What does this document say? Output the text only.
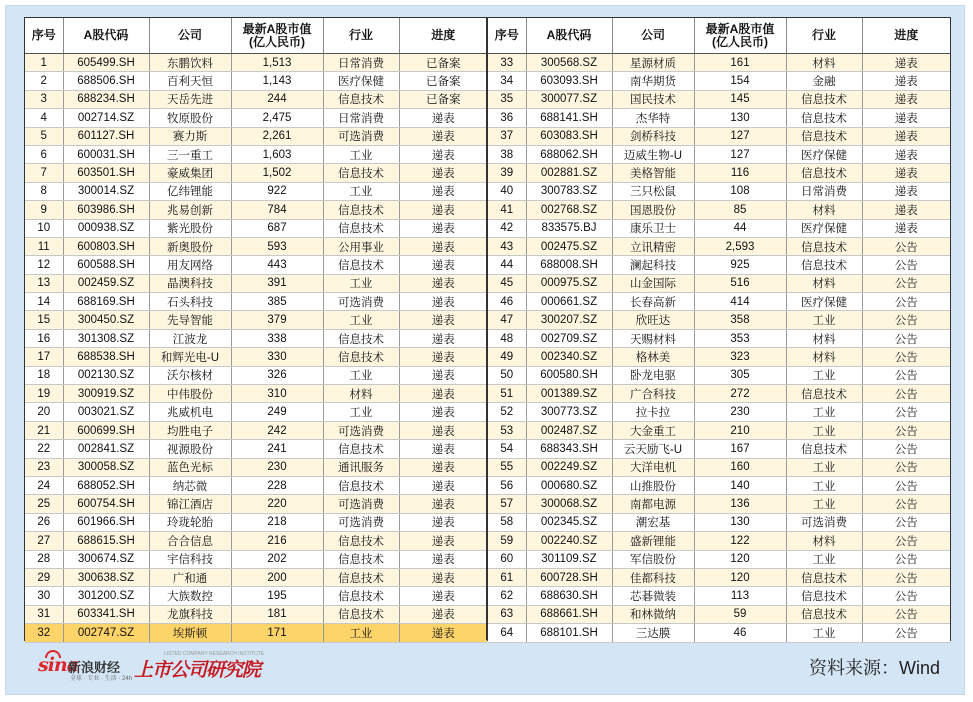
序号	A股代码	公司	最新A股市值
(亿人民币)	行业	进度
1	605499.SH	东鹏饮料	1,513	日常消费	已备案
2	688506.SH	百利天恒	1,143	医疗保健	已备案
3	688234.SH	天岳先进	244	信息技术	已备案
4	002714.SZ	牧原股份	2,475	日常消费	递表
5	601127.SH	赛力斯	2,261	可选消费	递表
6	600031.SH	三一重工	1,603	工业	递表
7	603501.SH	豪威集团	1,502	信息技术	递表
8	300014.SZ	亿纬锂能	922	工业	递表
9	603986.SH	兆易创新	784	信息技术	递表
10	000938.SZ	紫光股份	687	信息技术	递表
11	600803.SH	新奥股份	593	公用事业	递表
12	600588.SH	用友网络	443	信息技术	递表
13	002459.SZ	晶澳科技	391	工业	递表
14	688169.SH	石头科技	385	可选消费	递表
15	300450.SZ	先导智能	379	工业	递表
16	301308.SZ	江波龙	338	信息技术	递表
17	688538.SH	和辉光电-U	330	信息技术	递表
18	002130.SZ	沃尔核材	326	工业	递表
19	300919.SZ	中伟股份	310	材料	递表
20	003021.SZ	兆威机电	249	工业	递表
21	600699.SH	均胜电子	242	可选消费	递表
22	002841.SZ	视源股份	241	信息技术	递表
23	300058.SZ	蓝色光标	230	通讯服务	递表
24	688052.SH	纳芯微	228	信息技术	递表
25	600754.SH	锦江酒店	220	可选消费	递表
26	601966.SH	玲珑轮胎	218	可选消费	递表
27	688615.SH	合合信息	216	信息技术	递表
28	300674.SZ	宇信科技	202	信息技术	递表
29	300638.SZ	广和通	200	信息技术	递表
30	301200.SZ	大族数控	195	信息技术	递表
31	603341.SH	龙旗科技	181	信息技术	递表
32	002747.SZ	埃斯顿	171	工业	递表
序号	A股代码	公司	最新A股市值
(亿人民币)	行业	进度
33	300568.SZ	星源材质	161	材料	递表
34	603093.SH	南华期货	154	金融	递表
35	300077.SZ	国民技术	145	信息技术	递表
36	688141.SH	杰华特	130	信息技术	递表
37	603083.SH	剑桥科技	127	信息技术	递表
38	688062.SH	迈威生物-U	127	医疗保健	递表
39	002881.SZ	美格智能	116	信息技术	递表
40	300783.SZ	三只松鼠	108	日常消费	递表
41	002768.SZ	国恩股份	85	材料	递表
42	833575.BJ	康乐卫士	44	医疗保健	递表
43	002475.SZ	立讯精密	2,593	信息技术	公告
44	688008.SH	澜起科技	925	信息技术	公告
45	000975.SZ	山金国际	516	材料	公告
46	000661.SZ	长春高新	414	医疗保健	公告
47	300207.SZ	欣旺达	358	工业	公告
48	002709.SZ	天赐材料	353	材料	公告
49	002340.SZ	格林美	323	材料	公告
50	600580.SH	卧龙电驱	305	工业	公告
51	001389.SZ	广合科技	272	信息技术	公告
52	300773.SZ	拉卡拉	230	工业	公告
53	002487.SZ	大金重工	210	工业	公告
54	688343.SH	云天励飞-U	167	信息技术	公告
55	002249.SZ	大洋电机	160	工业	公告
56	000680.SZ	山推股份	140	工业	公告
57	300068.SZ	南都电源	136	工业	公告
58	002345.SZ	潮宏基	130	可选消费	公告
59	002240.SZ	盛新锂能	122	材料	公告
60	301109.SZ	军信股份	120	工业	公告
61	600728.SH	佳都科技	120	信息技术	公告
62	688630.SH	芯碁微装	113	信息技术	公告
63	688661.SH	和林微纳	59	信息技术	公告
64	688101.SH	三达膜	46	工业	公告
sina
新浪财经
全球 · 专业 · 生活 · 24h
LISTED COMPANY RESEARCH INSTITUTE
上市公司研究院	资料来源：Wind
